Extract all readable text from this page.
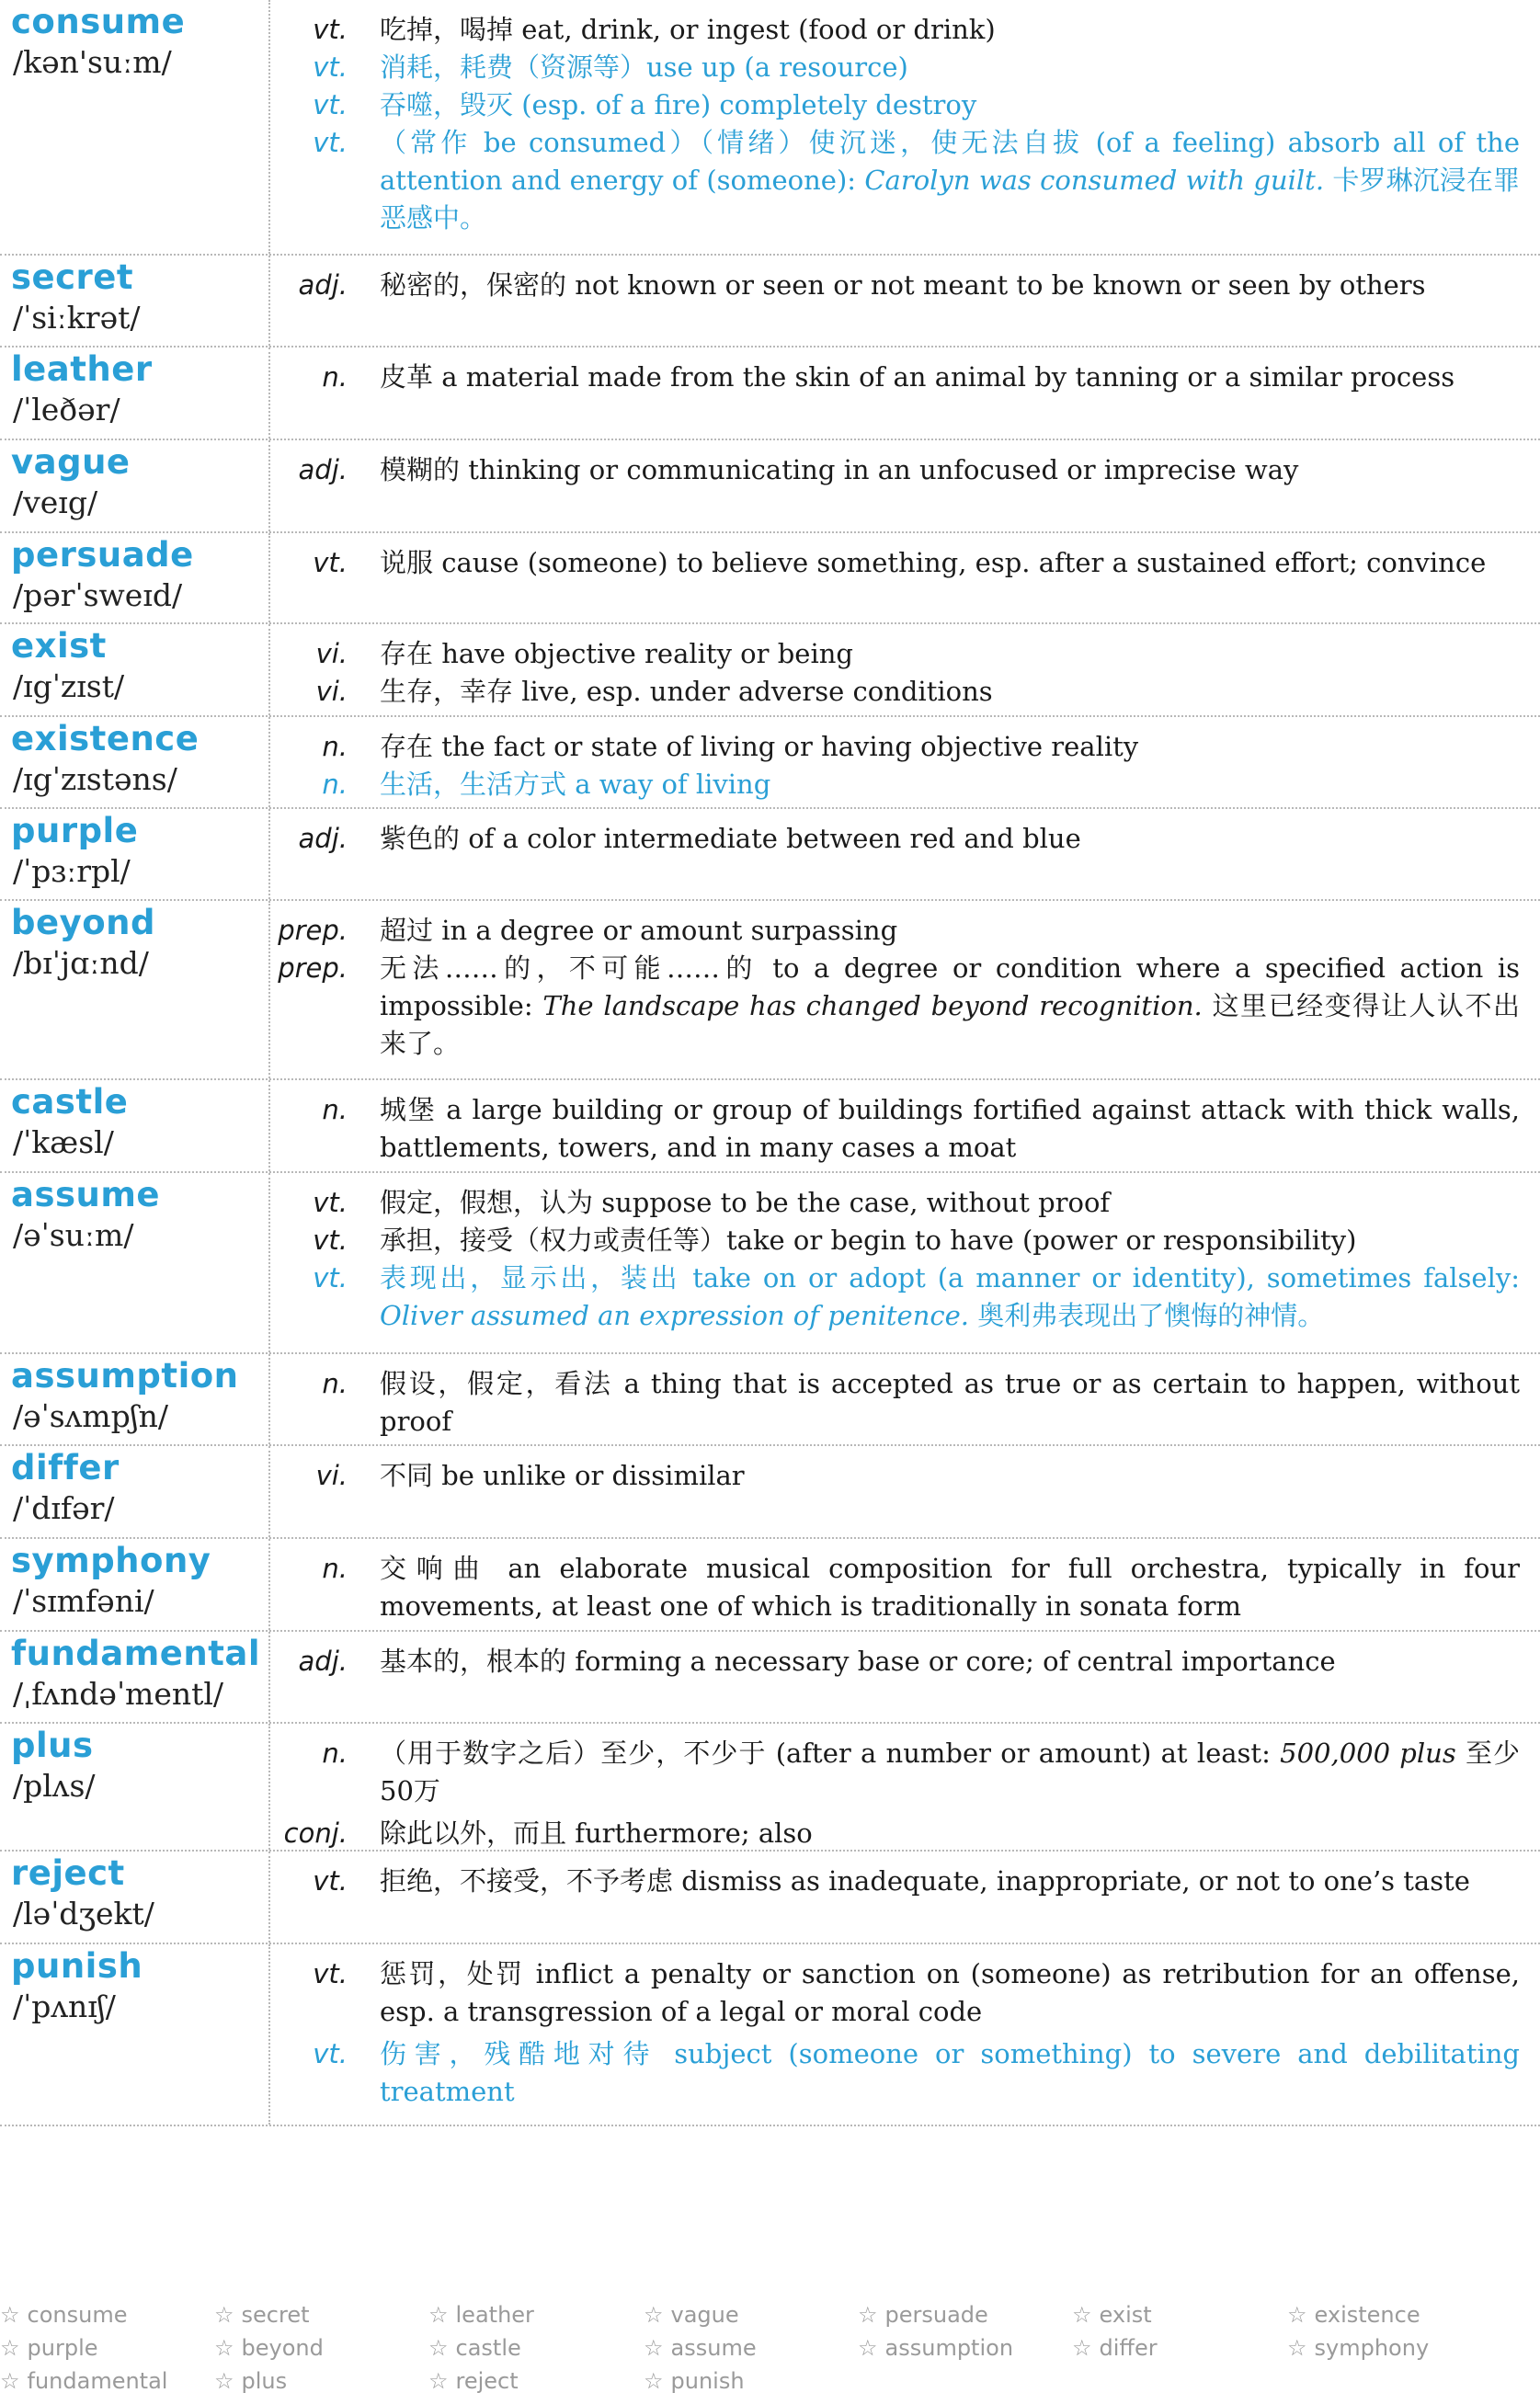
consume
/kən'suːm/
vt. 吃掉，喝掉 eat, drink, or ingest (food or drink)
vt. 消耗，耗费（资源等）use up (a resource)
vt. 吞噬，毁灭 (esp. of a fire) completely destroy
vt. （常作 be consumed）（情绪）使沉迷，使无法自拔 (of a feeling) absorb all of the attention and energy of (someone): Carolyn was consumed with guilt. 卡罗琳沉浸在罪恶感中。
secret
/ˈsiːkrət/
adj. 秘密的，保密的 not known or seen or not meant to be known or seen by others
leather
/ˈleðər/
n. 皮革 a material made from the skin of an animal by tanning or a similar process
vague
/veɪg/
adj. 模糊的 thinking or communicating in an unfocused or imprecise way
persuade
/pərˈsweɪd/
vt. 说服 cause (someone) to believe something, esp. after a sustained effort; convince
exist
/ɪgˈzɪst/
vi. 存在 have objective reality or being
vi. 生存，幸存 live, esp. under adverse conditions
existence
/ɪgˈzɪstəns/
n. 存在 the fact or state of living or having objective reality
n. 生活，生活方式 a way of living
purple
/ˈpɜːrpl/
adj. 紫色的 of a color intermediate between red and blue
beyond
/bɪˈjɑːnd/
prep. 超过 in a degree or amount surpassing
prep. 无法……的，不可能……的 to a degree or condition where a specified action is impossible: The landscape has changed beyond recognition. 这里已经变得让人认不出来了。
castle
/ˈkæsl/
n. 城堡 a large building or group of buildings fortified against attack with thick walls, battlements, towers, and in many cases a moat
assume
/əˈsuːm/
vt. 假定，假想，认为 suppose to be the case, without proof
vt. 承担，接受（权力或责任等）take or begin to have (power or responsibility)
vt. 表现出，显示出，装出 take on or adopt (a manner or identity), sometimes falsely: Oliver assumed an expression of penitence. 奥利弗表现出了懊悔的神情。
assumption
/əˈsʌmpʃn/
n. 假设，假定，看法 a thing that is accepted as true or as certain to happen, without proof
differ
/ˈdɪfər/
vi. 不同 be unlike or dissimilar
symphony
/ˈsɪmfəni/
n. 交响曲 an elaborate musical composition for full orchestra, typically in four movements, at least one of which is traditionally in sonata form
fundamental
/ˌfʌndəˈmentl/
adj. 基本的，根本的 forming a necessary base or core; of central importance
plus
/plʌs/
n. （用于数字之后）至少，不少于 (after a number or amount) at least: 500,000 plus 至少50万
conj. 除此以外，而且 furthermore; also
reject
/ləˈdʒekt/
vt. 拒绝，不接受，不予考虑 dismiss as inadequate, inappropriate, or not to one’s taste
punish
/ˈpʌnɪʃ/
vt. 惩罚，处罚 inflict a penalty or sanction on (someone) as retribution for an offense, esp. a transgression of a legal or moral code
vt. 伤害，残酷地对待 subject (someone or something) to severe and debilitating treatment
☆ consume	☆ secret	☆ leather	☆ vague	☆ persuade	☆ exist	☆ existence
☆ purple	☆ beyond	☆ castle	☆ assume	☆ assumption	☆ differ	☆ symphony
☆ fundamental ☆ plus	☆ reject	☆ punish
